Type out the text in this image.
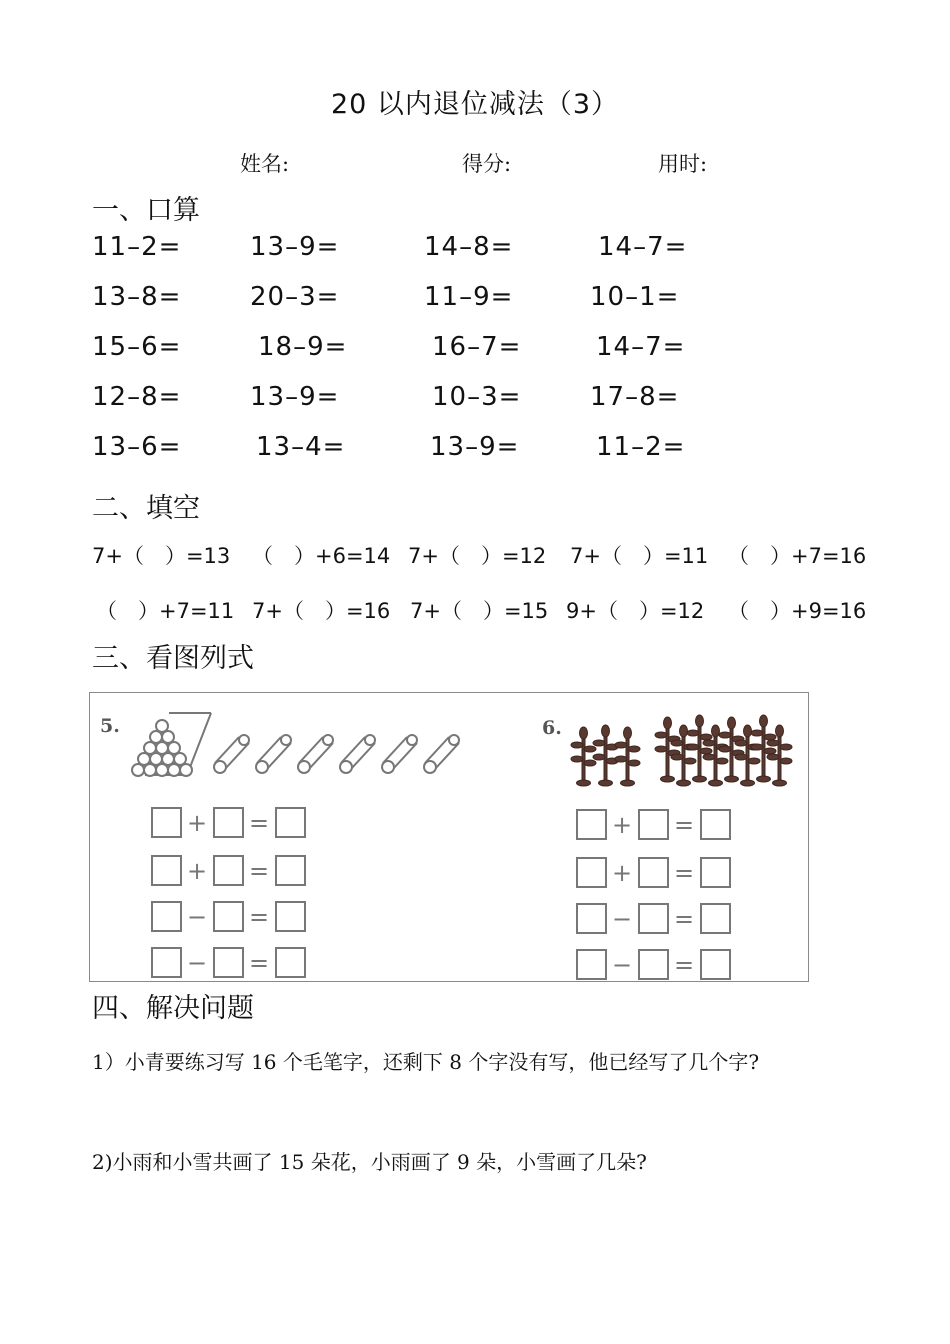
20 以内退位减法（3）
姓名:	得分:	用时:
一、口算
11–2=	13–9=	14–8=	14–7=
13–8=	20–3=	11–9=	10–1=
15–6=	18–9=	16–7=	14–7=
12–8=	13–9=	10–3=	17–8=
13–6=	13–4=	13–9=	11–2=
二、填空
7+（　）=13 （　）+6=14 7+（　）=12 7+（　）=11 （　）+7=16
（　）+7=11 7+（　）=16 7+（　）=15 9+（　）=12 （　）+9=16
三、看图列式
5.	6.
+ =
+ =
− =
− =
+ =
+ =
− =
− =
四、解决问题
1）小青要练习写 16 个毛笔字，还剩下 8 个字没有写，他已经写了几个字?
2)小雨和小雪共画了 15 朵花，小雨画了 9 朵，小雪画了几朵?
